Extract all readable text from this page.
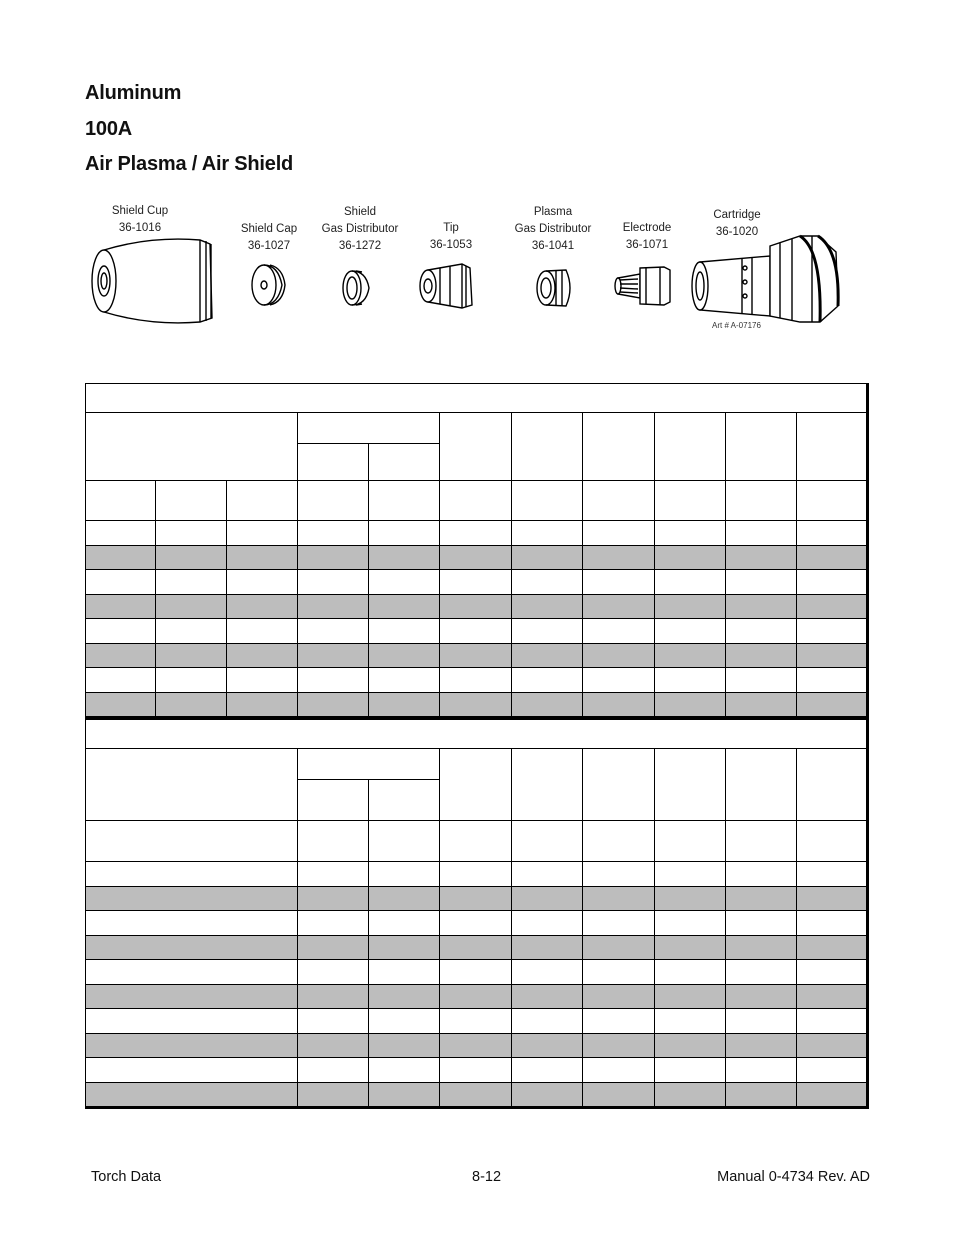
Aluminum
100A
Air Plasma / Air Shield
Shield Cup
36-1016	Shield Cap
36-1027
Shield
Gas Distributor
36-1272
Tip
36-1053
Plasma
Gas Distributor
36-1041
Electrode
36-1071
Cartridge
36-1020
Art # A-07176
Torch Data	8-12	Manual 0-4734 Rev. AD
